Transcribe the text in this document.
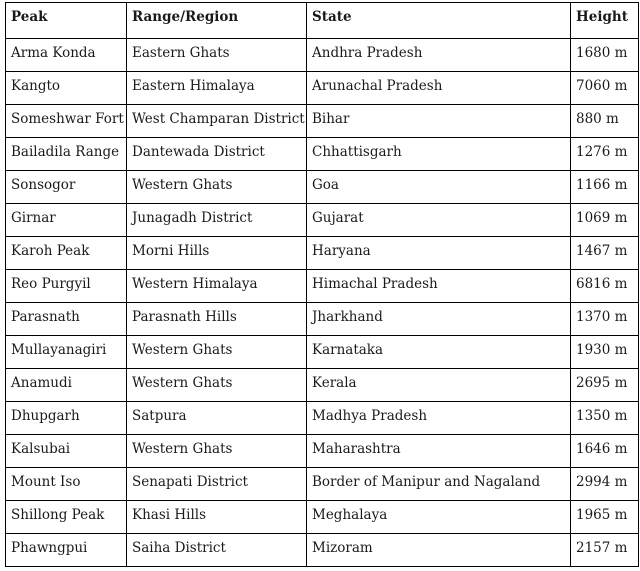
Peak	Range/Region	State	Height
Arma Konda	Eastern Ghats	Andhra Pradesh	1680 m
Kangto	Eastern Himalaya	Arunachal Pradesh	7060 m
Someshwar Fort	West Champaran District	Bihar	880 m
Bailadila Range	Dantewada District	Chhattisgarh	1276 m
Sonsogor	Western Ghats	Goa	1166 m
Girnar	Junagadh District	Gujarat	1069 m
Karoh Peak	Morni Hills	Haryana	1467 m
Reo Purgyil	Western Himalaya	Himachal Pradesh	6816 m
Parasnath	Parasnath Hills	Jharkhand	1370 m
Mullayanagiri	Western Ghats	Karnataka	1930 m
Anamudi	Western Ghats	Kerala	2695 m
Dhupgarh	Satpura	Madhya Pradesh	1350 m
Kalsubai	Western Ghats	Maharashtra	1646 m
Mount Iso	Senapati District	Border of Manipur and Nagaland	2994 m
Shillong Peak	Khasi Hills	Meghalaya	1965 m
Phawngpui	Saiha District	Mizoram	2157 m
